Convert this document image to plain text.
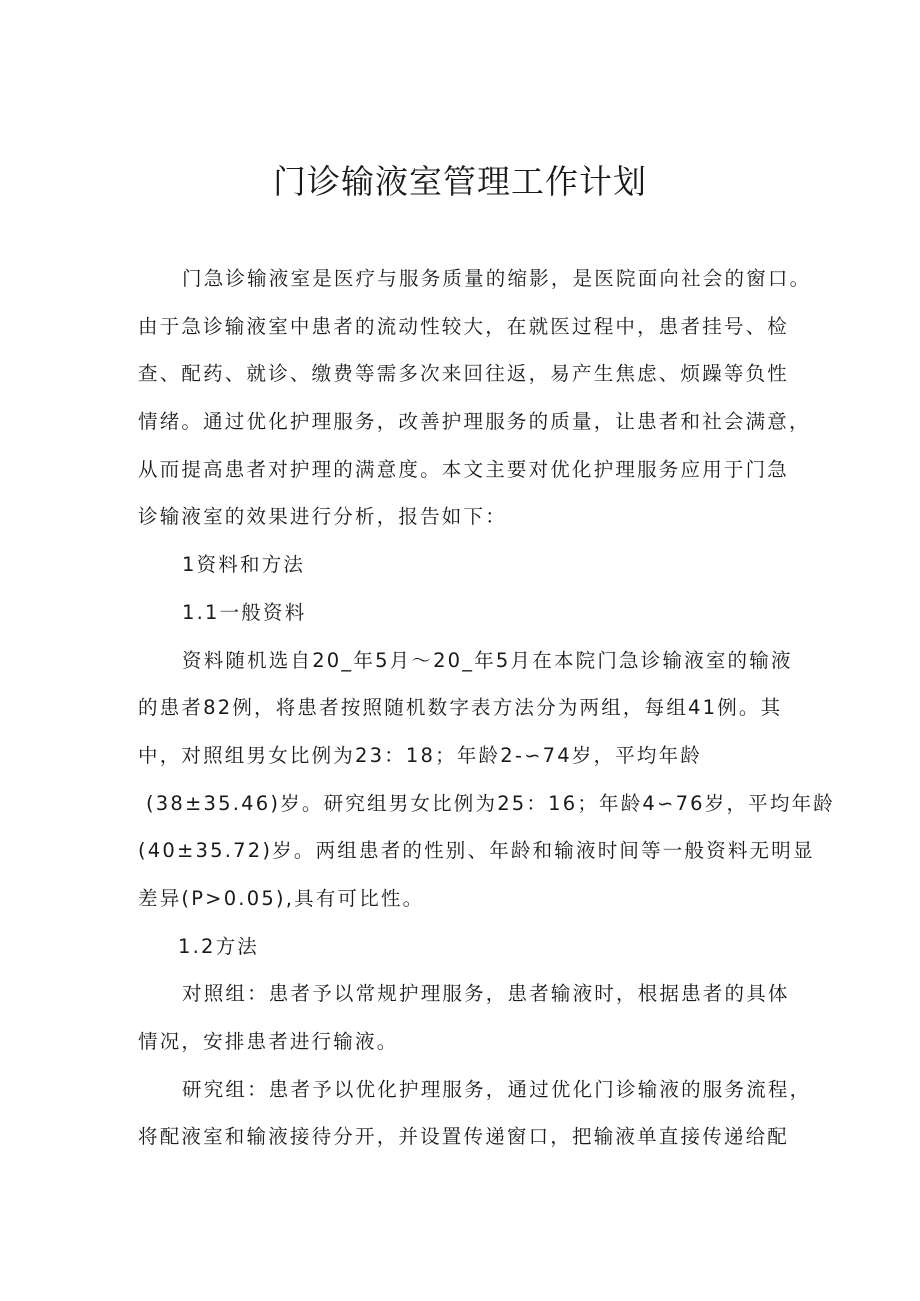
门诊输液室管理工作计划
门急诊输液室是医疗与服务质量的缩影，是医院面向社会的窗口。
由于急诊输液室中患者的流动性较大，在就医过程中，患者挂号、检
查、配药、就诊、缴费等需多次来回往返，易产生焦虑、烦躁等负性
情绪。通过优化护理服务，改善护理服务的质量，让患者和社会满意，
从而提高患者对护理的满意度。本文主要对优化护理服务应用于门急
诊输液室的效果进行分析，报告如下：
1资料和方法
1.1一般资料
资料随机选自20_年5月～20_年5月在本院门急诊输液室的输液
的患者82例，将患者按照随机数字表方法分为两组，每组41例。其
中，对照组男女比例为23：18；年龄2-∽74岁，平均年龄
(38±35.46)岁。研究组男女比例为25：16；年龄4∽76岁，平均年龄
(40±35.72)岁。两组患者的性别、年龄和输液时间等一般资料无明显
差异(P>0.05),具有可比性。
1.2方法
对照组：患者予以常规护理服务，患者输液时，根据患者的具体
情况，安排患者进行输液。
研究组：患者予以优化护理服务，通过优化门诊输液的服务流程，
将配液室和输液接待分开，并设置传递窗口，把输液单直接传递给配
